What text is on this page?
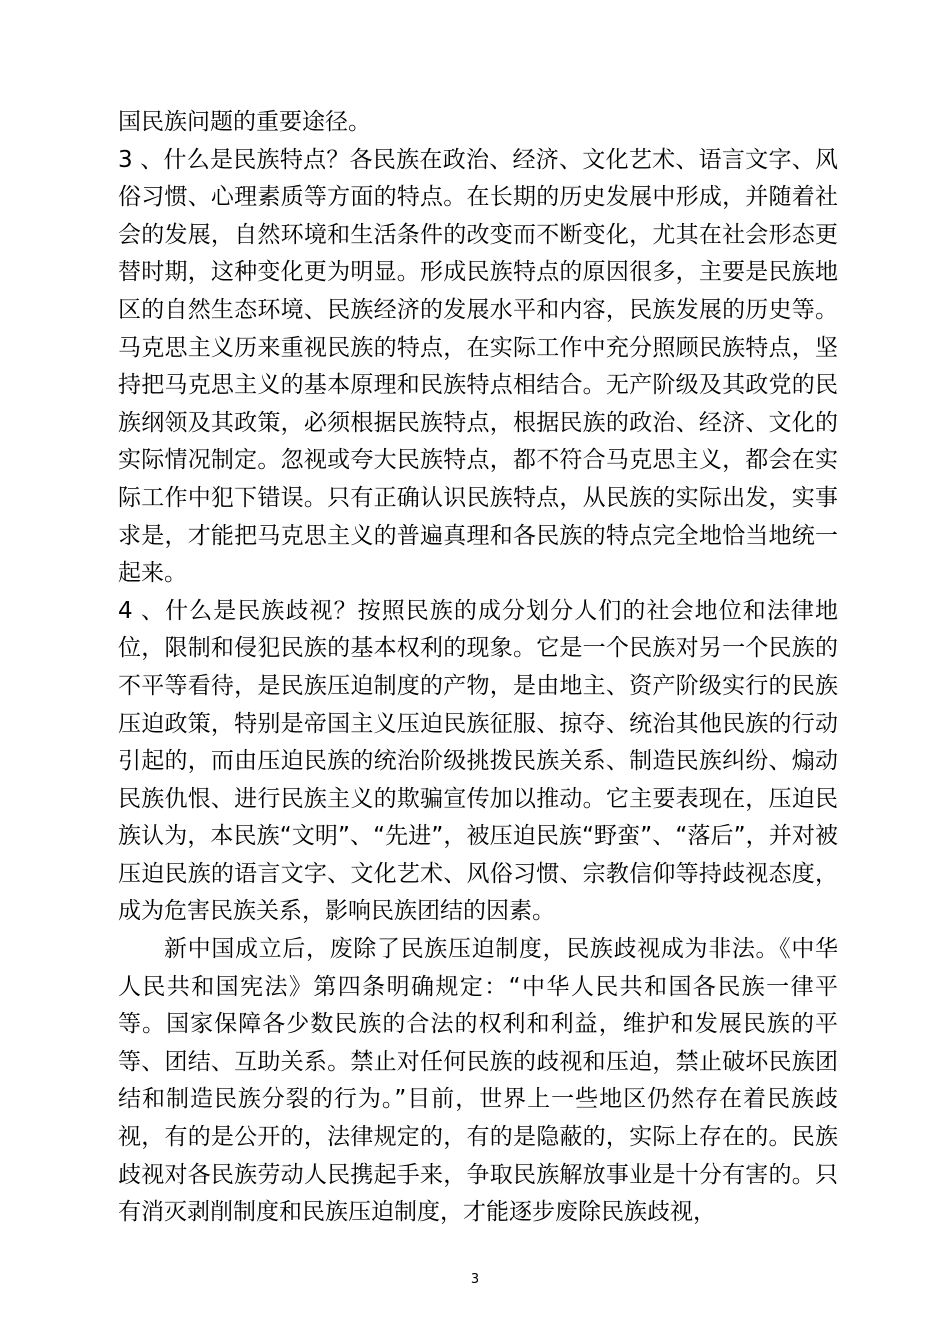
国民族问题的重要途径。

3 、什么是民族特点？各民族在政治、经济、文化艺术、语言文字、风俗习惯、心理素质等方面的特点。在长期的历史发展中形成，并随着社会的发展，自然环境和生活条件的改变而不断变化，尤其在社会形态更替时期，这种变化更为明显。形成民族特点的原因很多，主要是民族地区的自然生态环境、民族经济的发展水平和内容，民族发展的历史等。马克思主义历来重视民族的特点，在实际工作中充分照顾民族特点，坚持把马克思主义的基本原理和民族特点相结合。无产阶级及其政党的民族纲领及其政策，必须根据民族特点，根据民族的政治、经济、文化的实际情况制定。忽视或夸大民族特点，都不符合马克思主义，都会在实际工作中犯下错误。只有正确认识民族特点，从民族的实际出发，实事求是，才能把马克思主义的普遍真理和各民族的特点完全地恰当地统一起来。

4 、什么是民族歧视？按照民族的成分划分人们的社会地位和法律地位，限制和侵犯民族的基本权利的现象。它是一个民族对另一个民族的不平等看待，是民族压迫制度的产物，是由地主、资产阶级实行的民族压迫政策，特别是帝国主义压迫民族征服、掠夺、统治其他民族的行动引起的，而由压迫民族的统治阶级挑拨民族关系、制造民族纠纷、煽动民族仇恨、进行民族主义的欺骗宣传加以推动。它主要表现在，压迫民族认为，本民族“文明”、“先进”，被压迫民族“野蛮”、“落后”，并对被压迫民族的语言文字、文化艺术、风俗习惯、宗教信仰等持歧视态度，成为危害民族关系，影响民族团结的因素。

新中国成立后，废除了民族压迫制度，民族歧视成为非法。《中华人民共和国宪法》第四条明确规定：“中华人民共和国各民族一律平等。国家保障各少数民族的合法的权利和利益，维护和发展民族的平等、团结、互助关系。禁止对任何民族的歧视和压迫，禁止破坏民族团结和制造民族分裂的行为。”目前，世界上一些地区仍然存在着民族歧视，有的是公开的，法律规定的，有的是隐蔽的，实际上存在的。民族歧视对各民族劳动人民携起手来，争取民族解放事业是十分有害的。只有消灭剥削制度和民族压迫制度，才能逐步废除民族歧视，

3
